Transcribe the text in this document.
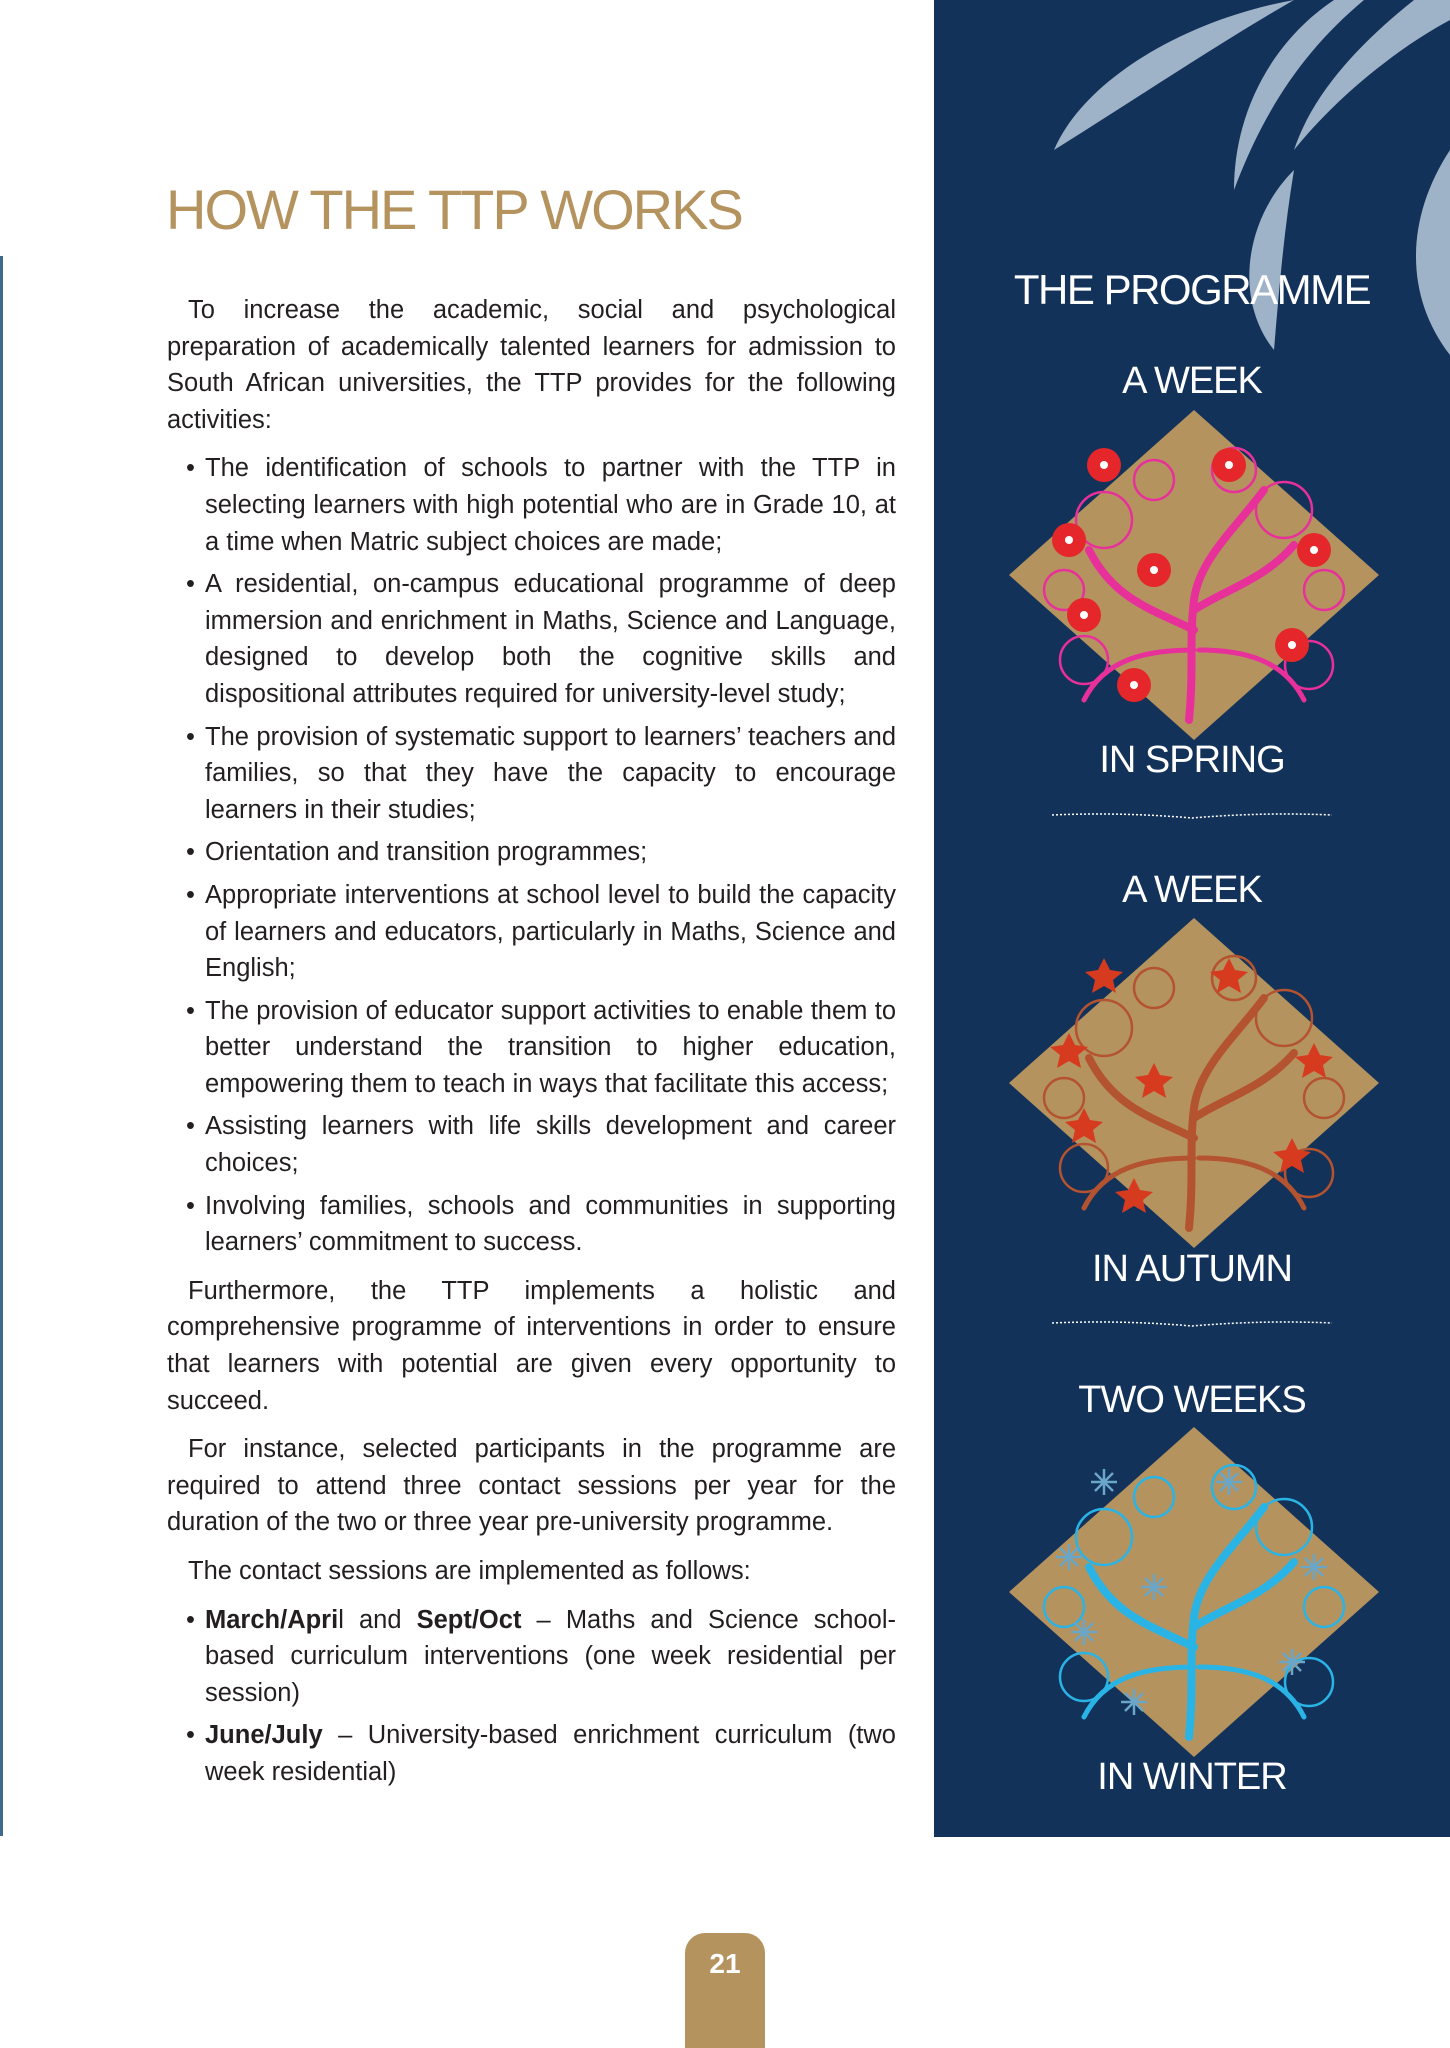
HOW THE TTP WORKS

To increase the academic, social and psychological preparation of academically talented learners for admission to South African universities, the TTP provides for the following activities:

• The identification of schools to partner with the TTP in selecting learners with high potential who are in Grade 10, at a time when Matric subject choices are made;
• A residential, on-campus educational programme of deep immersion and enrichment in Maths, Science and Language, designed to develop both the cognitive skills and dispositional attributes required for university-level study;
• The provision of systematic support to learners’ teachers and families, so that they have the capacity to encourage learners in their studies;
• Orientation and transition programmes;
• Appropriate interventions at school level to build the capacity of learners and educators, particularly in Maths, Science and English;
• The provision of educator support activities to enable them to better understand the transition to higher education, empowering them to teach in ways that facilitate this access;
• Assisting learners with life skills development and career choices;
• Involving families, schools and communities in supporting learners’ commitment to success.

Furthermore, the TTP implements a holistic and comprehensive programme of interventions in order to ensure that learners with potential are given every opportunity to succeed.

For instance, selected participants in the programme are required to attend three contact sessions per year for the duration of the two or three year pre-university programme.

The contact sessions are implemented as follows:

• March/April and Sept/Oct – Maths and Science school-based curriculum interventions (one week residential per session)
• June/July – University-based enrichment curriculum (two week residential)
THE PROGRAMME
A WEEK
IN SPRING
A WEEK
IN AUTUMN
TWO WEEKS
IN WINTER
21
